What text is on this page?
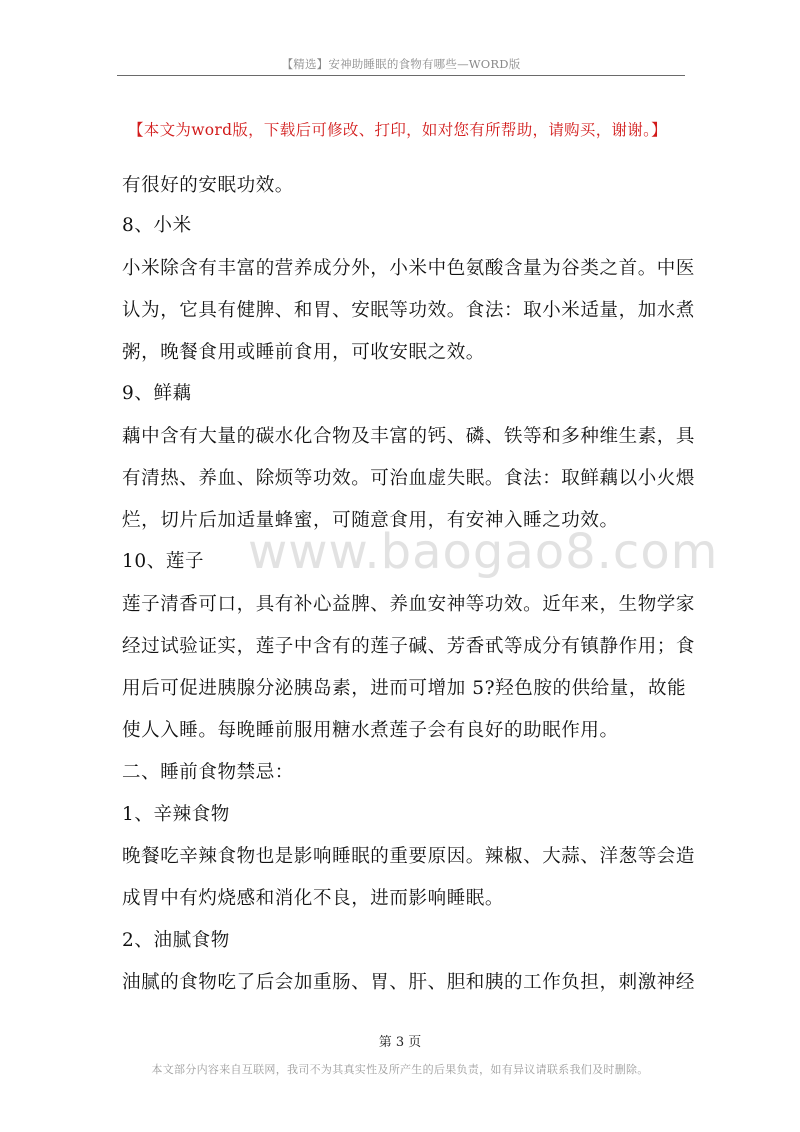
【精选】安神助睡眠的食物有哪些—WORD版
【本文为word版，下载后可修改、打印，如对您有所帮助，请购买，谢谢。】
www.baogao8.com
有很好的安眠功效。
8、小米
小米除含有丰富的营养成分外，小米中色氨酸含量为谷类之首。中医
认为，它具有健脾、和胃、安眠等功效。食法：取小米适量，加水煮
粥，晚餐食用或睡前食用，可收安眠之效。
9、鲜藕
藕中含有大量的碳水化合物及丰富的钙、磷、铁等和多种维生素，具
有清热、养血、除烦等功效。可治血虚失眠。食法：取鲜藕以小火煨
烂，切片后加适量蜂蜜，可随意食用，有安神入睡之功效。
10、莲子
莲子清香可口，具有补心益脾、养血安神等功效。近年来，生物学家
经过试验证实，莲子中含有的莲子碱、芳香甙等成分有镇静作用；食
用后可促进胰腺分泌胰岛素，进而可增加 5?羟色胺的供给量，故能
使人入睡。每晚睡前服用糖水煮莲子会有良好的助眠作用。
二、睡前食物禁忌：
1、辛辣食物
晚餐吃辛辣食物也是影响睡眠的重要原因。辣椒、大蒜、洋葱等会造
成胃中有灼烧感和消化不良，进而影响睡眠。
2、油腻食物
油腻的食物吃了后会加重肠、胃、肝、胆和胰的工作负担，刺激神经
第 3 页
本文部分内容来自互联网，我司不为其真实性及所产生的后果负责，如有异议请联系我们及时删除。
